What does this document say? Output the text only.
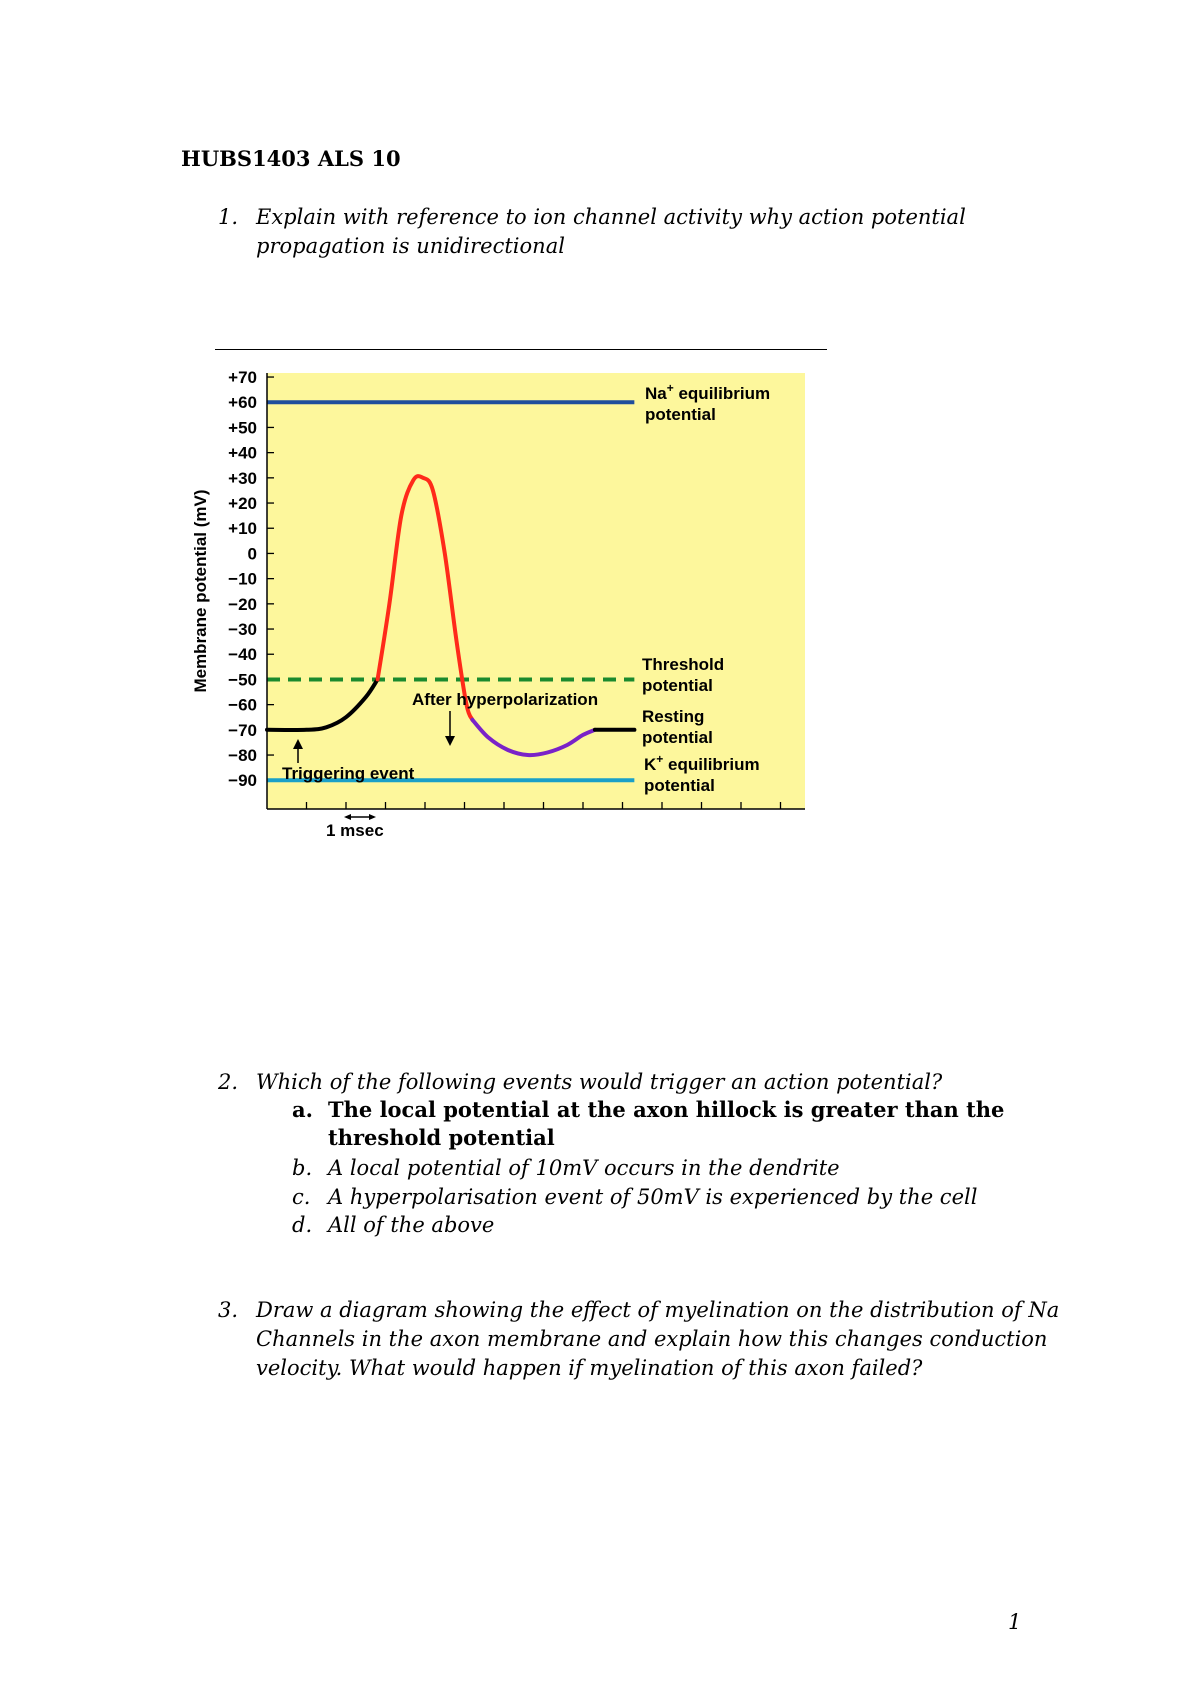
HUBS1403 ALS 10
1. Explain with reference to ion channel activity why action potential
propagation is unidirectional
+70
+60
+50
+40
+30
+20
+10
0
−10
−20
−30
−40
−50
−60
−70
−80
−90
Membrane potential (mV)
Na+ equilibrium
potential
Threshold
potential
Resting
potential
K+ equilibrium
potential
After hyperpolarization
Triggering event
1 msec
2. Which of the following events would trigger an action potential?
a. The local potential at the axon hillock is greater than the
threshold potential
b. A local potential of 10mV occurs in the dendrite
c. A hyperpolarisation event of 50mV is experienced by the cell
d. All of the above
3. Draw a diagram showing the effect of myelination on the distribution of Na
Channels in the axon membrane and explain how this changes conduction
velocity. What would happen if myelination of this axon failed?
1
